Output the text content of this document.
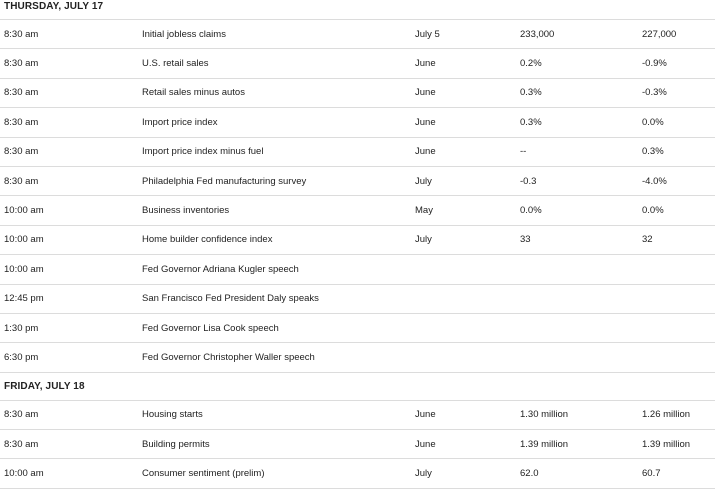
THURSDAY, JULY 17
8:30 am	Initial jobless claims	July 5	233,000	227,000
8:30 am	U.S. retail sales	June	0.2%	-0.9%
8:30 am	Retail sales minus autos	June	0.3%	-0.3%
8:30 am	Import price index	June	0.3%	0.0%
8:30 am	Import price index minus fuel	June	--	0.3%
8:30 am	Philadelphia Fed manufacturing survey	July	-0.3	-4.0%
10:00 am	Business inventories	May	0.0%	0.0%
10:00 am	Home builder confidence index	July	33	32
10:00 am	Fed Governor Adriana Kugler speech
12:45 pm	San Francisco Fed President Daly speaks
1:30 pm	Fed Governor Lisa Cook speech
6:30 pm	Fed Governor Christopher Waller speech
FRIDAY, JULY 18
8:30 am	Housing starts	June	1.30 million	1.26 million
8:30 am	Building permits	June	1.39 million	1.39 million
10:00 am	Consumer sentiment (prelim)	July	62.0	60.7
